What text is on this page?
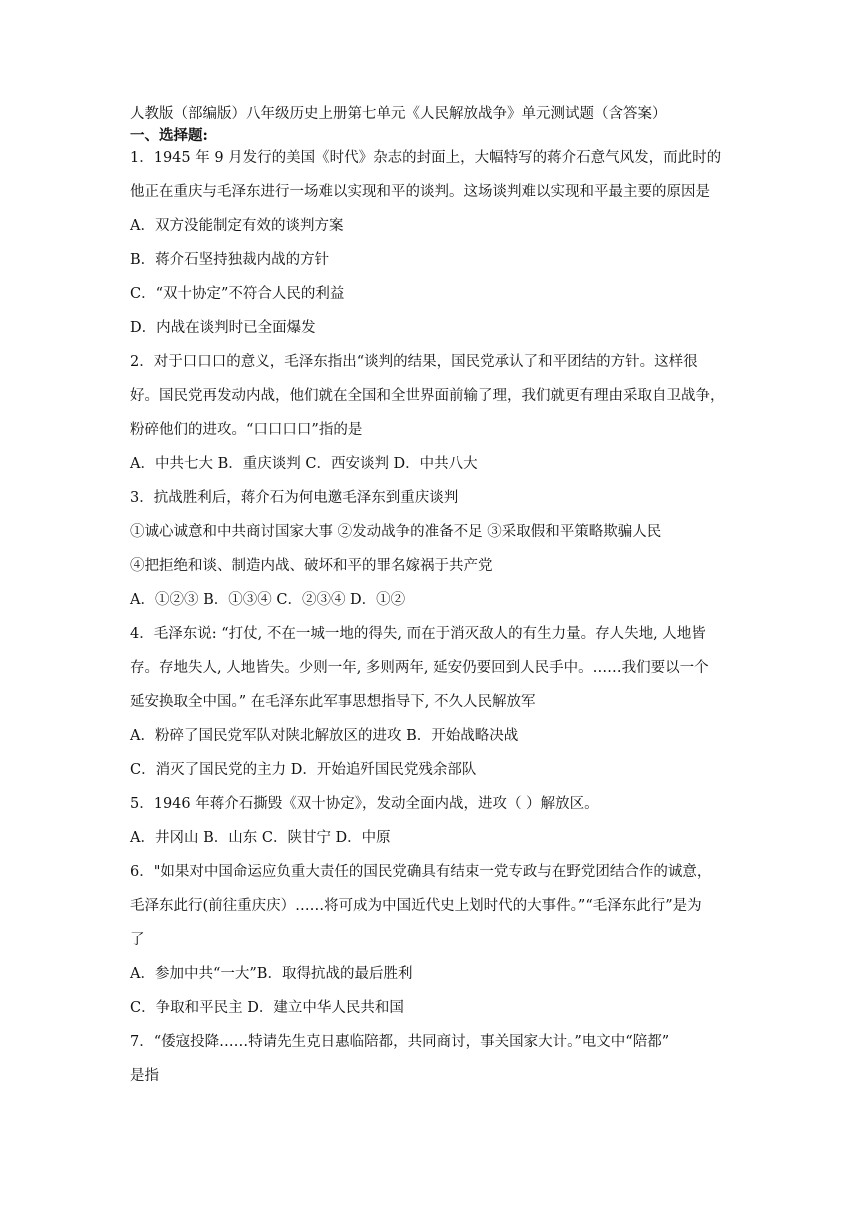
人教版（部编版）八年级历史上册第七单元《人民解放战争》单元测试题（含答案）
一、选择题:
1．1945 年 9 月发行的美国《时代》杂志的封面上，大幅特写的蒋介石意气风发，而此时的
他正在重庆与毛泽东进行一场难以实现和平的谈判。这场谈判难以实现和平最主要的原因是
A．双方没能制定有效的谈判方案
B．蒋介石坚持独裁内战的方针
C．“双十协定”不符合人民的利益
D．内战在谈判时已全面爆发
2．对于口口口的意义，毛泽东指出“谈判的结果，国民党承认了和平团结的方针。这样很
好。国民党再发动内战，他们就在全国和全世界面前输了理，我们就更有理由采取自卫战争，
粉碎他们的进攻。“口口口口”指的是
A．中共七大 B．重庆谈判 C．西安谈判 D．中共八大
3．抗战胜利后，蒋介石为何电邀毛泽东到重庆谈判
①诚心诚意和中共商讨国家大事 ②发动战争的准备不足 ③采取假和平策略欺骗人民
④把拒绝和谈、制造内战、破坏和平的罪名嫁祸于共产党
A．①②③ B．①③④ C．②③④ D．①②
4．毛泽东说: “打仗, 不在一城一地的得失, 而在于消灭敌人的有生力量。存人失地, 人地皆
存。存地失人, 人地皆失。少则一年, 多则两年, 延安仍要回到人民手中。……我们要以一个
延安换取全中国。” 在毛泽东此军事思想指导下, 不久人民解放军
A．粉碎了国民党军队对陕北解放区的进攻 B．开始战略决战
C．消灭了国民党的主力 D．开始追歼国民党残余部队
5．1946 年蒋介石撕毁《双十协定》，发动全面内战，进攻（ ）解放区。
A．井冈山 B．山东 C．陕甘宁 D．中原
6．"如果对中国命运应负重大责任的国民党确具有结束一党专政与在野党团结合作的诚意，
毛泽东此行(前往重庆庆）……将可成为中国近代史上划时代的大事件。”“毛泽东此行”是为
了
A．参加中共“一大”B．取得抗战的最后胜利
C．争取和平民主 D．建立中华人民共和国
7．“倭寇投降……特请先生克日惠临陪都，共同商讨，事关国家大计。”电文中“陪都”
是指
